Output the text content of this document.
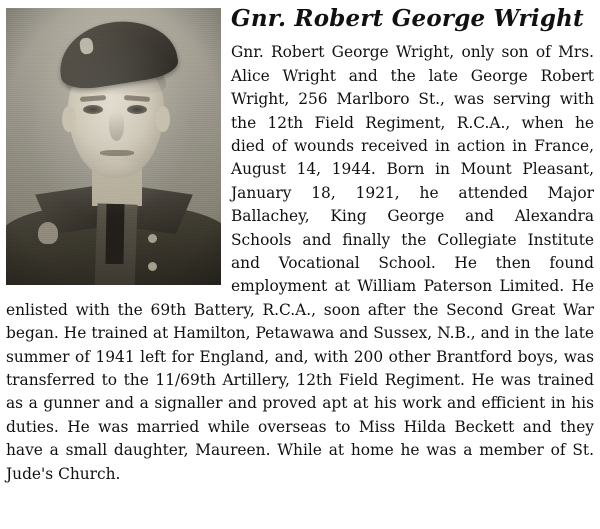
Gnr. Robert George Wright

Gnr. Robert George Wright, only son of Mrs. Alice Wright and the late George Robert Wright, 256 Marlboro St., was serving with the 12th Field Regiment, R.C.A., when he died of wounds received in action in France, August 14, 1944. Born in Mount Pleasant, January 18, 1921, he attended Major Ballachey, King George and Alexandra Schools and finally the Collegiate Institute and Vocational School. He then found employment at William Paterson Limited. He enlisted with the 69th Battery, R.C.A., soon after the Second Great War began. He trained at Hamilton, Petawawa and Sussex, N.B., and in the late summer of 1941 left for England, and, with 200 other Brantford boys, was transferred to the 11/69th Artillery, 12th Field Regiment. He was trained as a gunner and a signaller and proved apt at his work and efficient in his duties. He was married while overseas to Miss Hilda Beckett and they have a small daughter, Maureen. While at home he was a member of St. Jude's Church.
